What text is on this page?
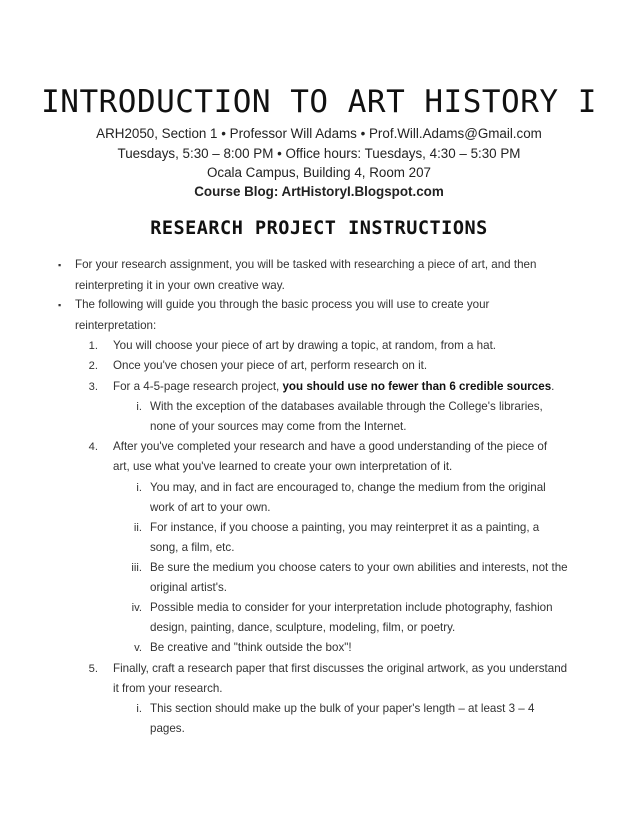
INTRODUCTION TO ART HISTORY I
ARH2050, Section 1 • Professor Will Adams • Prof.Will.Adams@Gmail.com
Tuesdays, 5:30 – 8:00 PM • Office hours: Tuesdays, 4:30 – 5:30 PM
Ocala Campus, Building 4, Room 207
Course Blog: ArtHistoryI.Blogspot.com
RESEARCH PROJECT INSTRUCTIONS
▪ For your research assignment, you will be tasked with researching a piece of art, and then
reinterpreting it in your own creative way.
▪ The following will guide you through the basic process you will use to create your
reinterpretation:
1. You will choose your piece of art by drawing a topic, at random, from a hat.
2. Once you've chosen your piece of art, perform research on it.
3. For a 4-5-page research project, you should use no fewer than 6 credible sources.
i. With the exception of the databases available through the College's libraries,
none of your sources may come from the Internet.
4. After you've completed your research and have a good understanding of the piece of
art, use what you've learned to create your own interpretation of it.
i. You may, and in fact are encouraged to, change the medium from the original
work of art to your own.
ii. For instance, if you choose a painting, you may reinterpret it as a painting, a
song, a film, etc.
iii. Be sure the medium you choose caters to your own abilities and interests, not the
original artist's.
iv. Possible media to consider for your interpretation include photography, fashion
design, painting, dance, sculpture, modeling, film, or poetry.
v. Be creative and "think outside the box"!
5. Finally, craft a research paper that first discusses the original artwork, as you understand
it from your research.
i. This section should make up the bulk of your paper's length – at least 3 – 4
pages.
